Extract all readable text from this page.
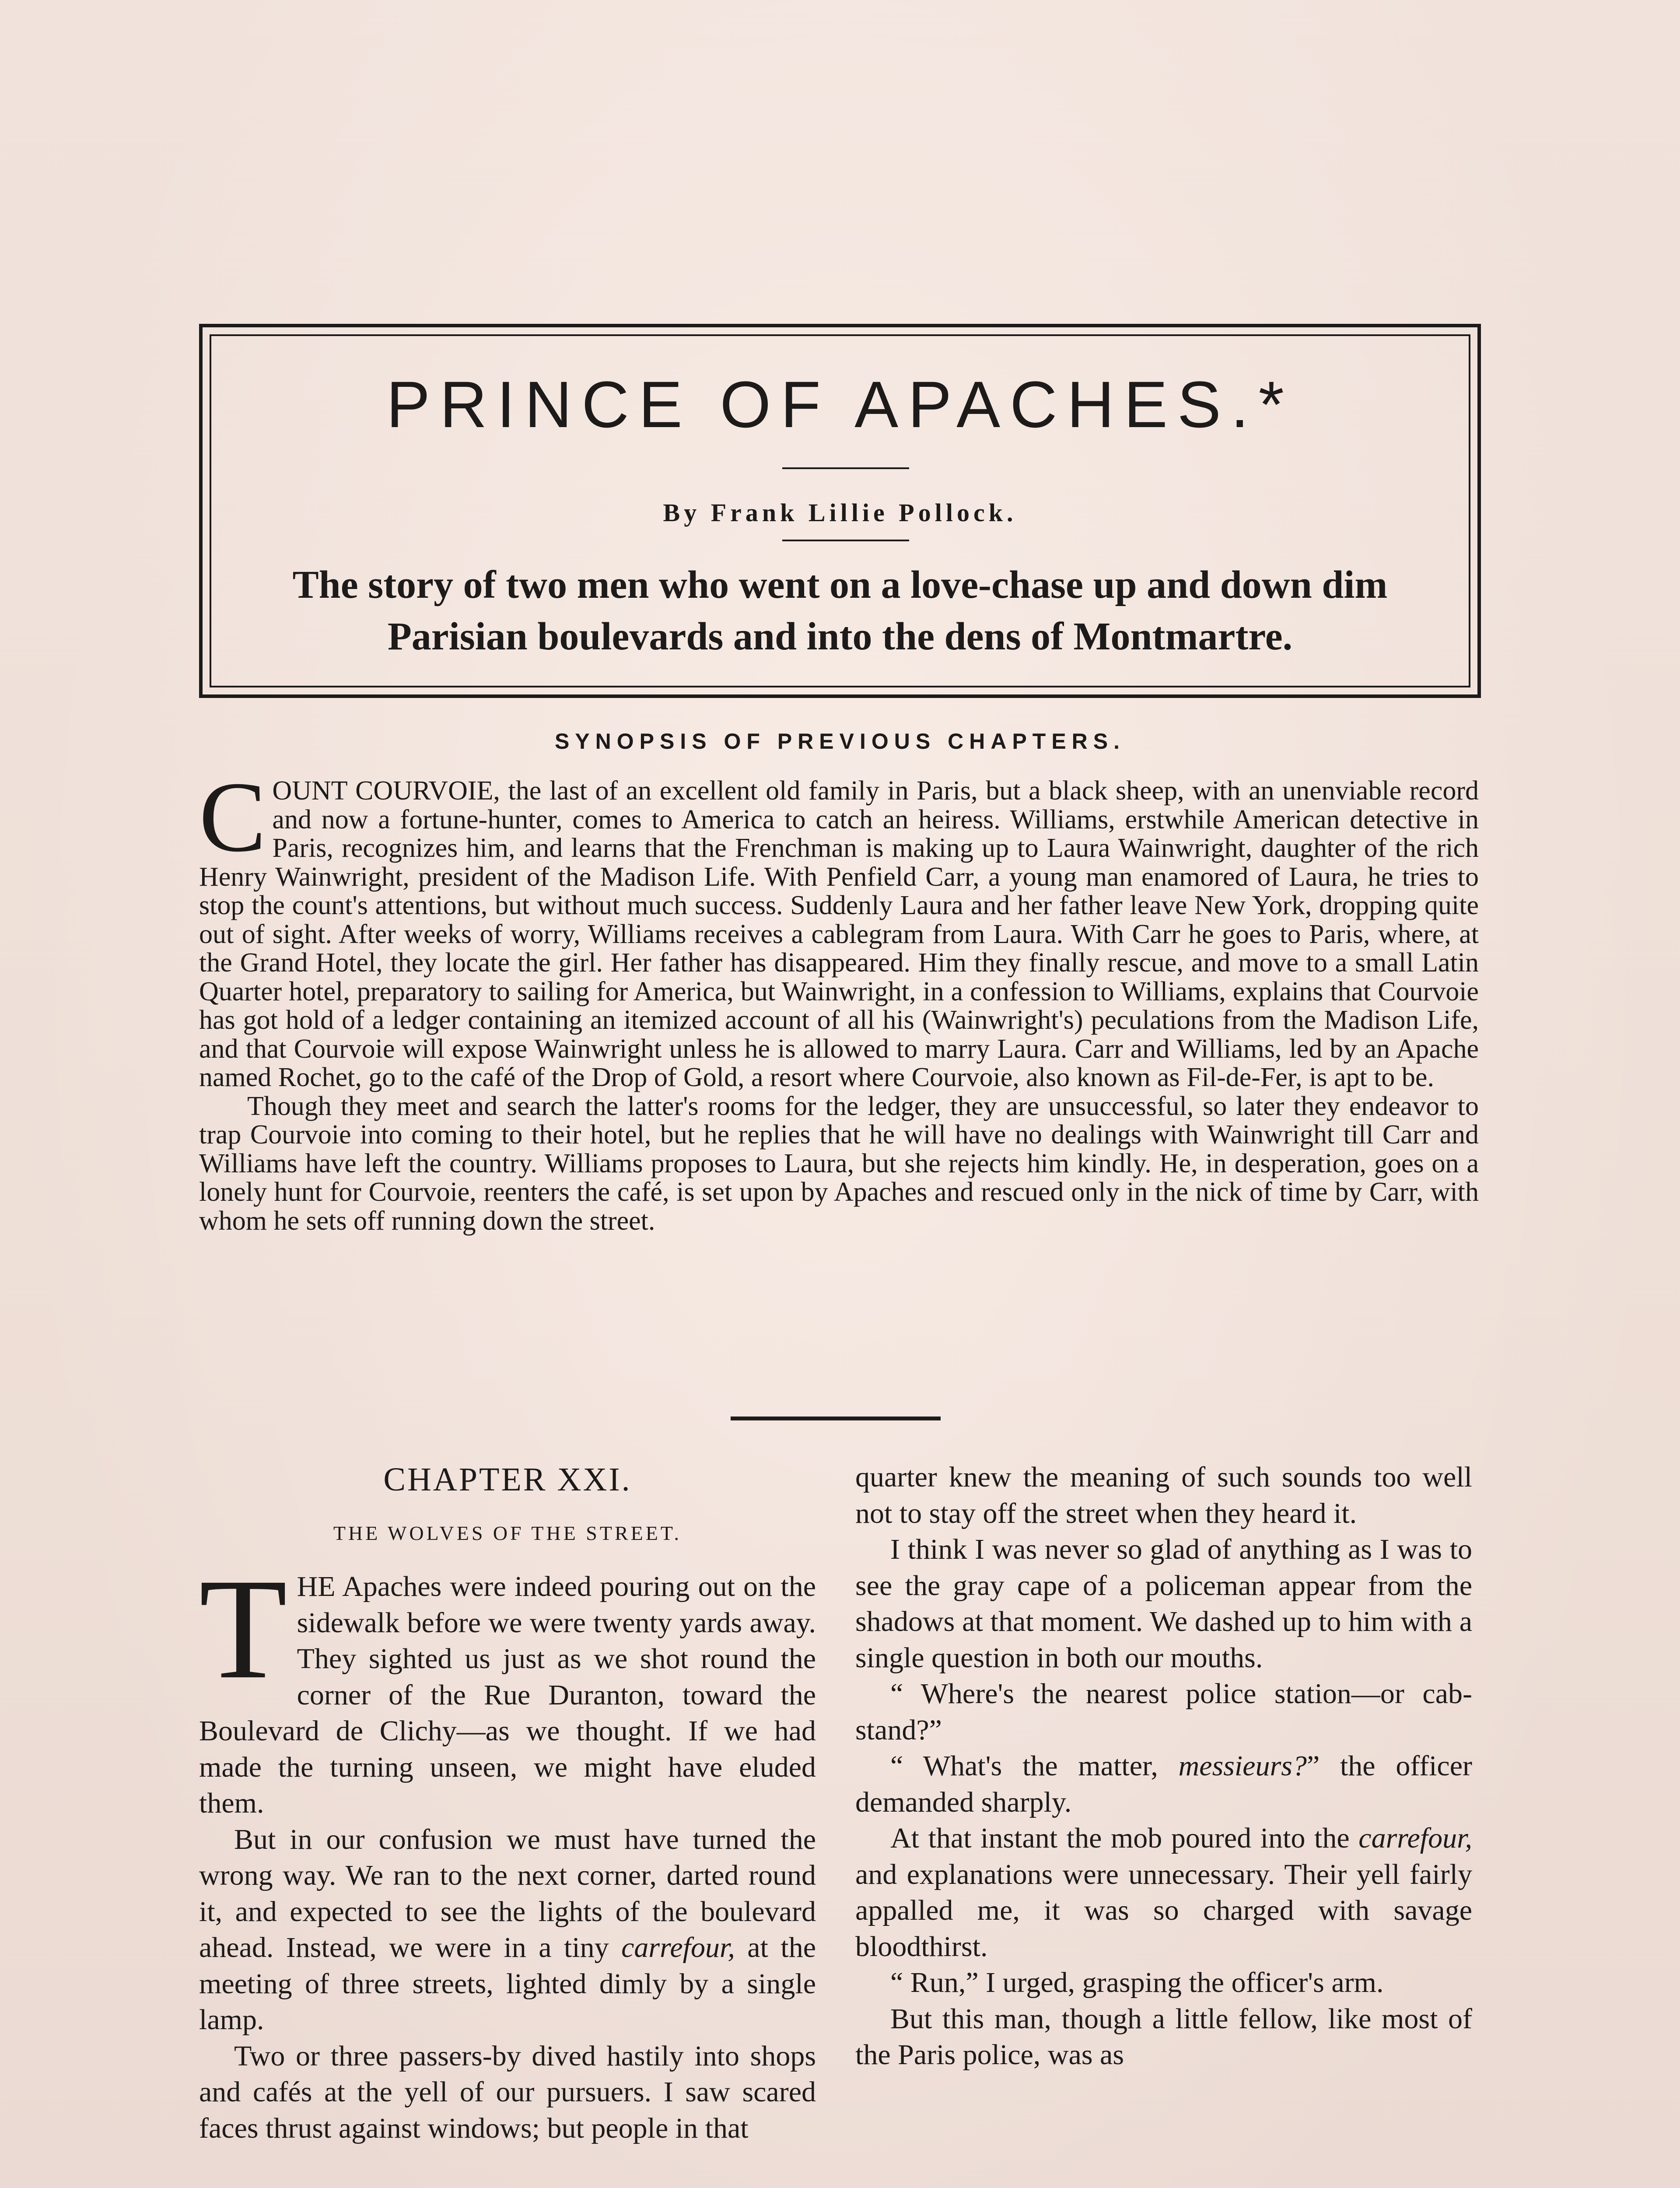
PRINCE OF APACHES.*
By Frank Lillie Pollock.
The story of two men who went on a love-chase up and down dim Parisian boulevards and into the dens of Montmartre.
SYNOPSIS OF PREVIOUS CHAPTERS.

COUNT COURVOIE, the last of an excellent old family in Paris, but a black sheep, with an unenviable record and now a fortune-hunter, comes to America to catch an heiress. Williams, erstwhile American detective in Paris, recognizes him, and learns that the Frenchman is making up to Laura Wainwright, daughter of the rich Henry Wainwright, president of the Madison Life. With Penfield Carr, a young man enamored of Laura, he tries to stop the count's attentions, but without much success. Suddenly Laura and her father leave New York, dropping quite out of sight. After weeks of worry, Williams receives a cablegram from Laura. With Carr he goes to Paris, where, at the Grand Hotel, they locate the girl. Her father has disappeared. Him they finally rescue, and move to a small Latin Quarter hotel, preparatory to sailing for America, but Wainwright, in a confession to Williams, explains that Courvoie has got hold of a ledger containing an itemized account of all his (Wainwright's) peculations from the Madison Life, and that Courvoie will expose Wainwright unless he is allowed to marry Laura. Carr and Williams, led by an Apache named Rochet, go to the café of the Drop of Gold, a resort where Courvoie, also known as Fil-de-Fer, is apt to be.

Though they meet and search the latter's rooms for the ledger, they are unsuccessful, so later they endeavor to trap Courvoie into coming to their hotel, but he replies that he will have no dealings with Wainwright till Carr and Williams have left the country. Williams proposes to Laura, but she rejects him kindly. He, in desperation, goes on a lonely hunt for Courvoie, reenters the café, is set upon by Apaches and rescued only in the nick of time by Carr, with whom he sets off running down the street.

CHAPTER XXI.
THE WOLVES OF THE STREET.

THE Apaches were indeed pouring out on the sidewalk before we were twenty yards away. They sighted us just as we shot round the corner of the Rue Duranton, toward the Boulevard de Clichy—as we thought. If we had made the turning unseen, we might have eluded them.

But in our confusion we must have turned the wrong way. We ran to the next corner, darted round it, and expected to see the lights of the boulevard ahead. Instead, we were in a tiny carrefour, at the meeting of three streets, lighted dimly by a single lamp.

Two or three passers-by dived hastily into shops and cafés at the yell of our pursuers. I saw scared faces thrust against windows; but people in that

quarter knew the meaning of such sounds too well not to stay off the street when they heard it.

I think I was never so glad of anything as I was to see the gray cape of a policeman appear from the shadows at that moment. We dashed up to him with a single question in both our mouths.

“ Where's the nearest police station—or cab-stand?”

“ What's the matter, messieurs?” the officer demanded sharply.

At that instant the mob poured into the carrefour, and explanations were unnecessary. Their yell fairly appalled me, it was so charged with savage bloodthirst.

“ Run,” I urged, grasping the officer's arm.

But this man, though a little fellow, like most of the Paris police, was as
